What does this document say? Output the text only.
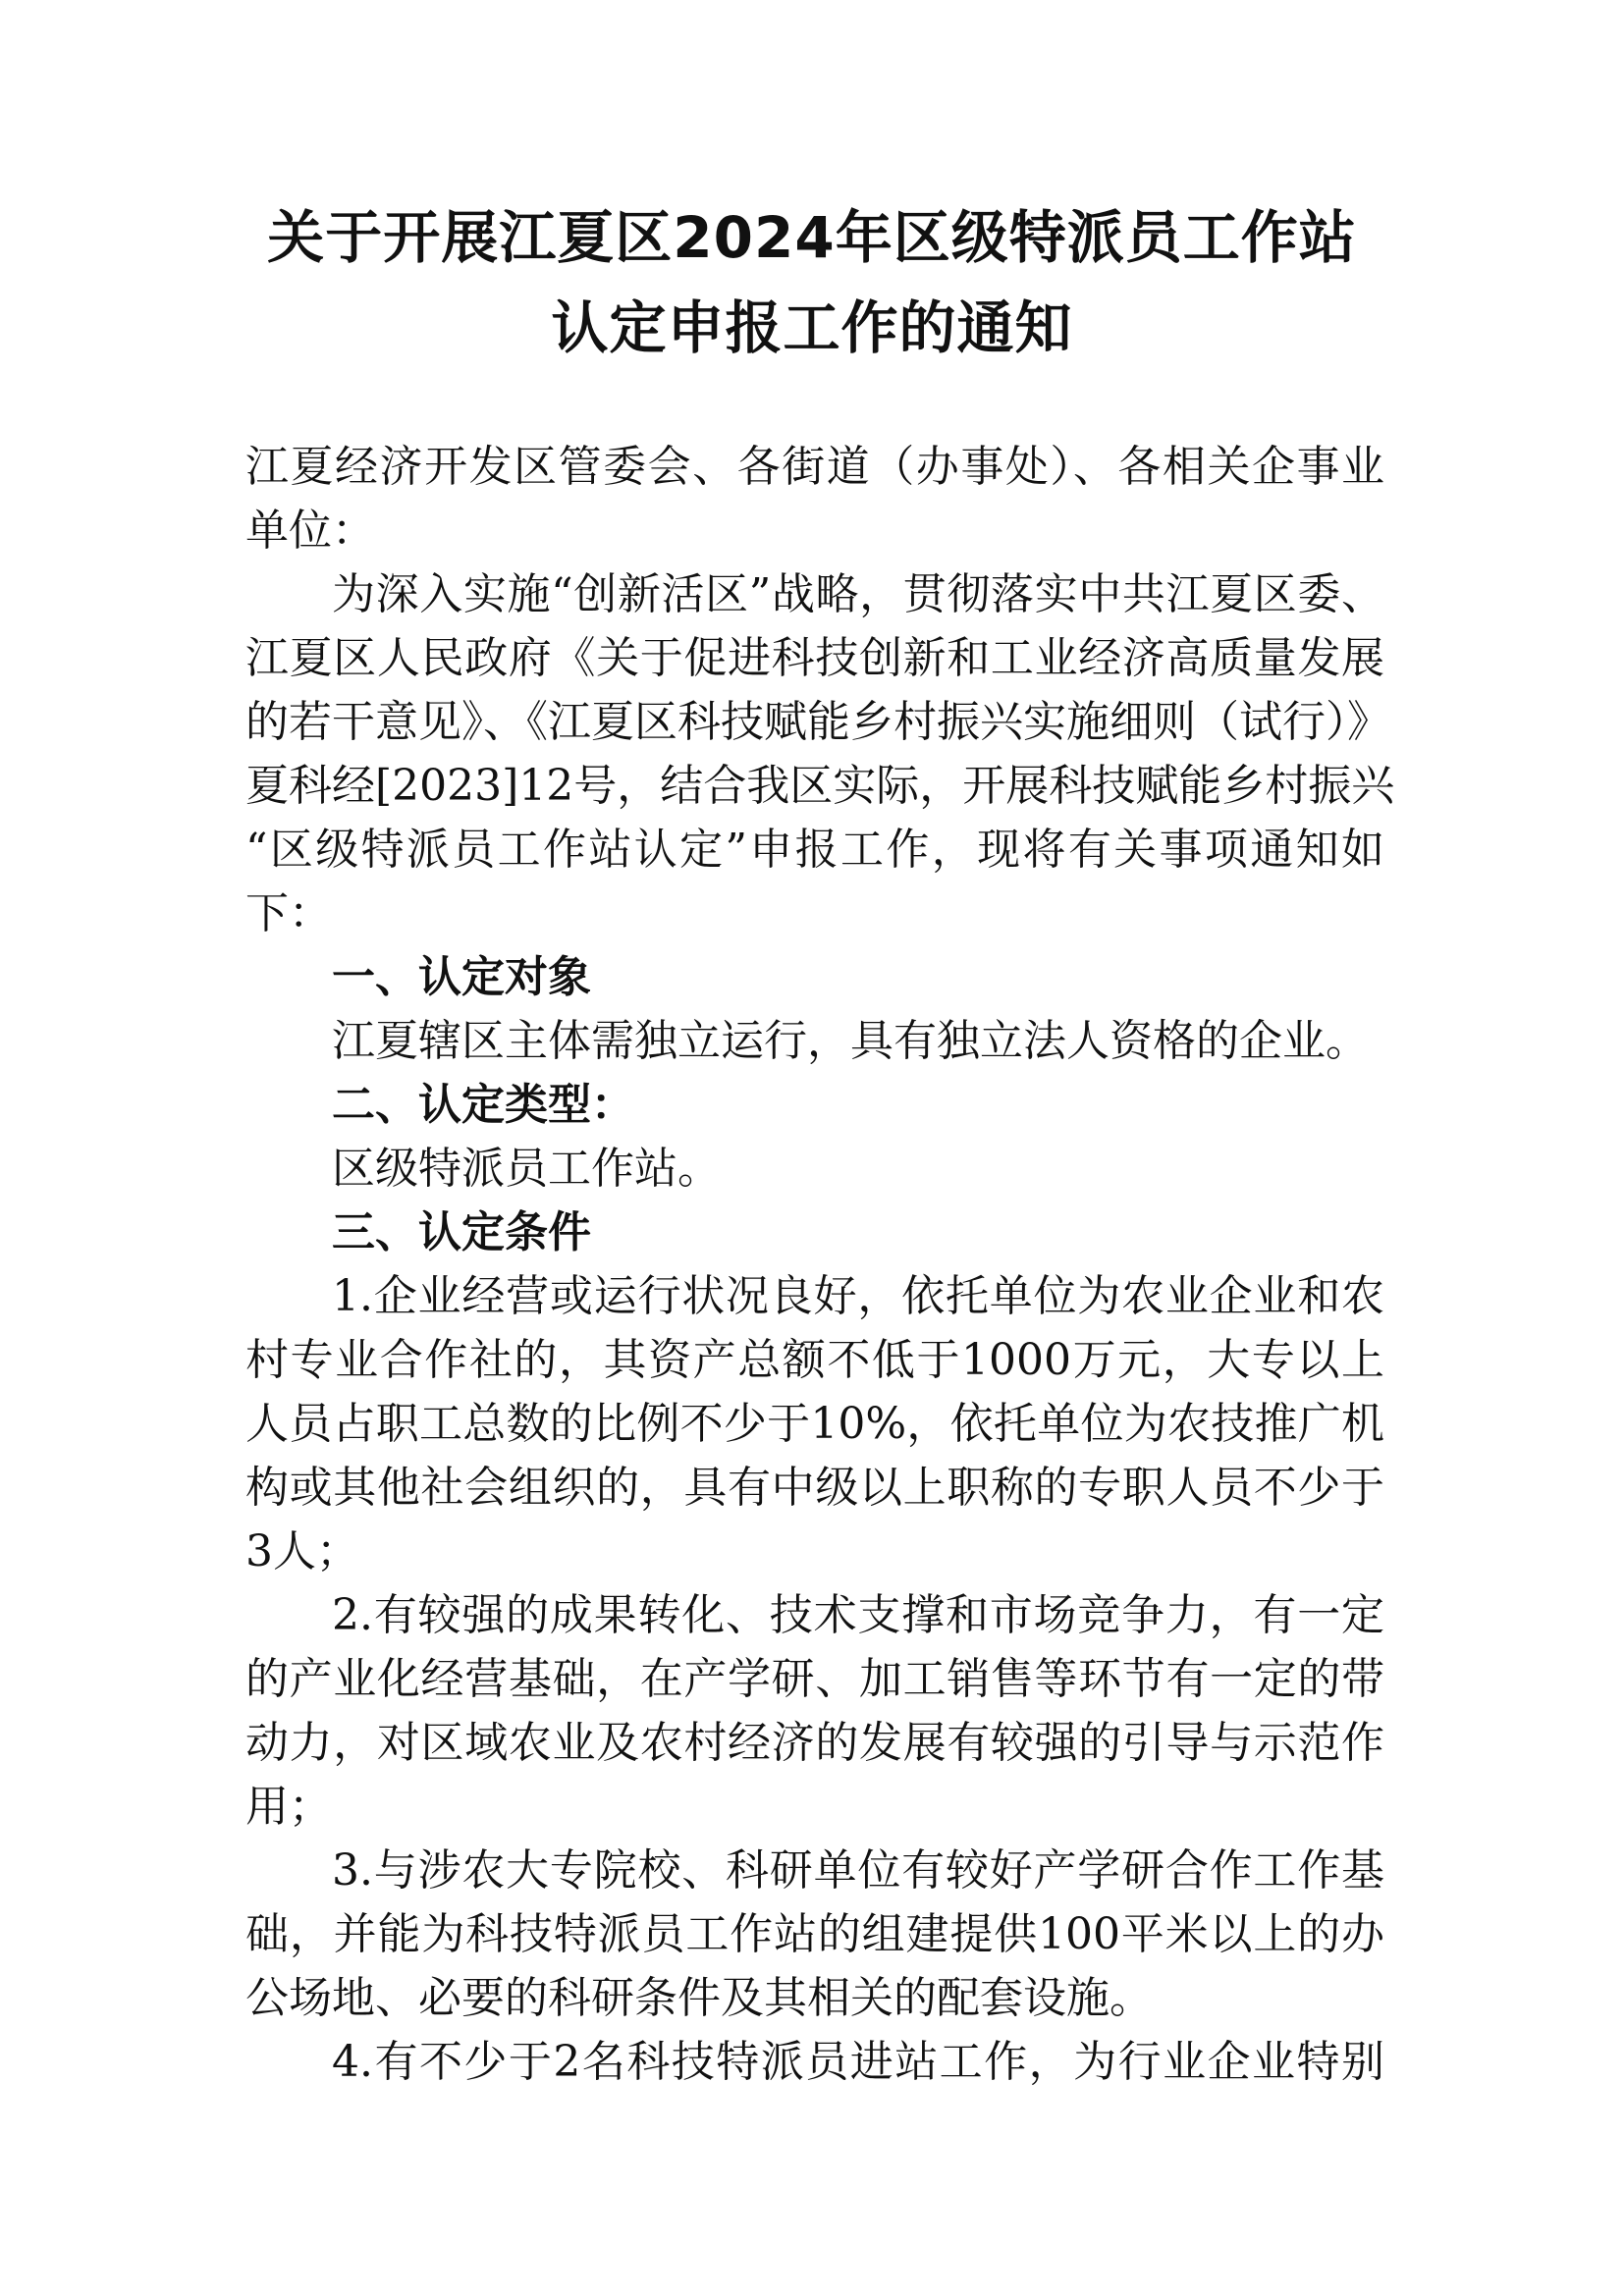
关于开展江夏区2024年区级特派员工作站
认定申报工作的通知
江夏经济开发区管委会、各街道（办事处）、各相关企事业
单位：
为深入实施“创新活区”战略，贯彻落实中共江夏区委、
江夏区人民政府《关于促进科技创新和工业经济高质量发展
的若干意见》、《江夏区科技赋能乡村振兴实施细则（试行）》
夏科经[2023]12号，结合我区实际，开展科技赋能乡村振兴
“区级特派员工作站认定”申报工作，现将有关事项通知如
下：
一、认定对象
江夏辖区主体需独立运行，具有独立法人资格的企业。
二、认定类型：
区级特派员工作站。
三、认定条件
1.企业经营或运行状况良好，依托单位为农业企业和农
村专业合作社的，其资产总额不低于1000万元，大专以上
人员占职工总数的比例不少于10%，依托单位为农技推广机
构或其他社会组织的，具有中级以上职称的专职人员不少于
3人；
2.有较强的成果转化、技术支撑和市场竞争力，有一定
的产业化经营基础，在产学研、加工销售等环节有一定的带
动力，对区域农业及农村经济的发展有较强的引导与示范作
用；
3.与涉农大专院校、科研单位有较好产学研合作工作基
础，并能为科技特派员工作站的组建提供100平米以上的办
公场地、必要的科研条件及其相关的配套设施。
4.有不少于2名科技特派员进站工作，为行业企业特别
